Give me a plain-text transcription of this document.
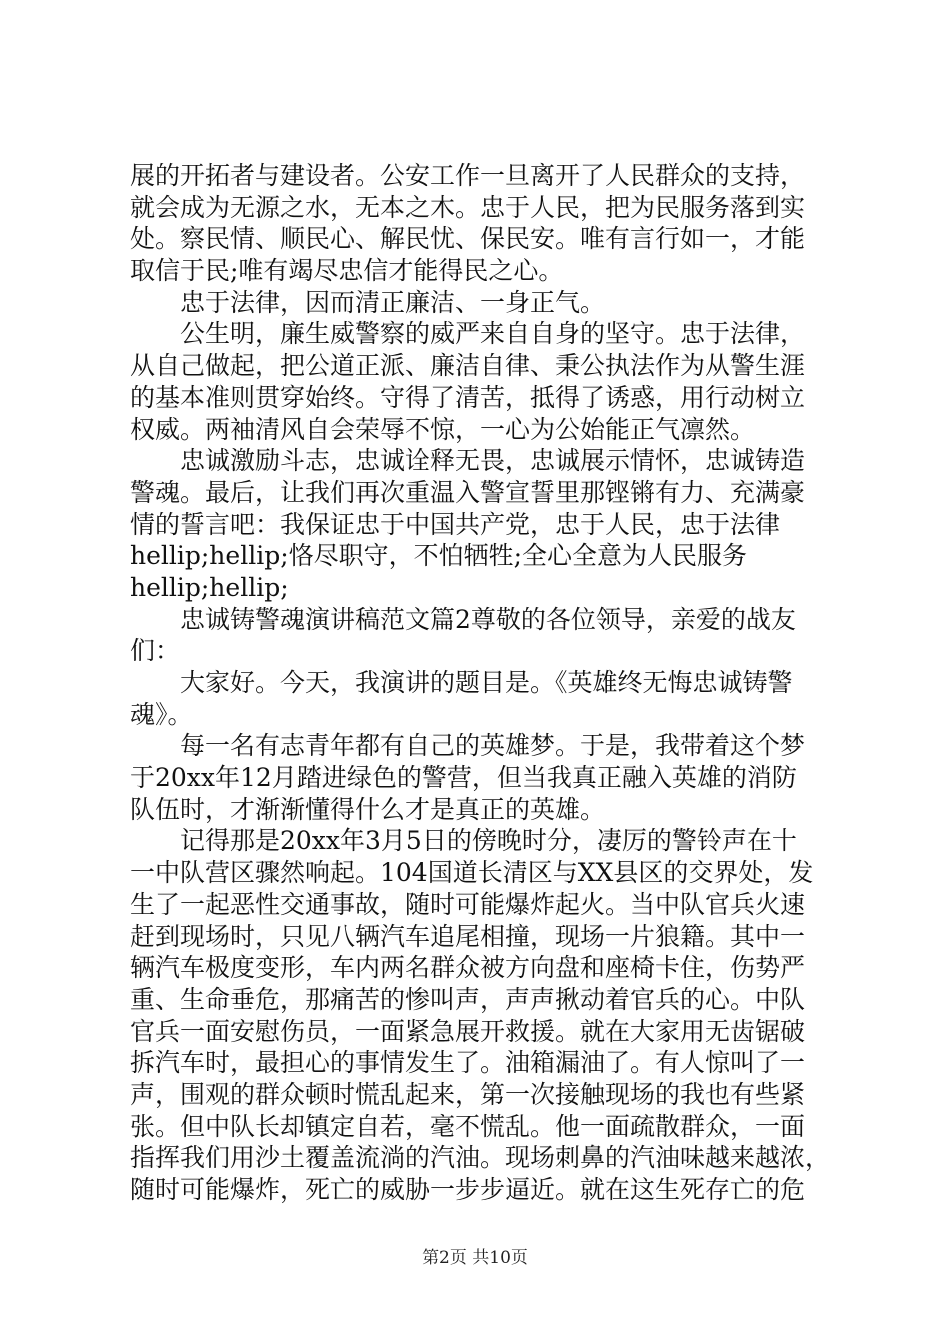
展的开拓者与建设者。公安工作一旦离开了人民群众的支持，
就会成为无源之水，无本之木。忠于人民，把为民服务落到实
处。察民情、顺民心、解民忧、保民安。唯有言行如一，才能
取信于民;唯有竭尽忠信才能得民之心。
忠于法律，因而清正廉洁、一身正气。
公生明，廉生威警察的威严来自自身的坚守。忠于法律，
从自己做起，把公道正派、廉洁自律、秉公执法作为从警生涯
的基本准则贯穿始终。守得了清苦，抵得了诱惑，用行动树立
权威。两袖清风自会荣辱不惊，一心为公始能正气凛然。
忠诚激励斗志，忠诚诠释无畏，忠诚展示情怀，忠诚铸造
警魂。最后，让我们再次重温入警宣誓里那铿锵有力、充满豪
情的誓言吧：我保证忠于中国共产党，忠于人民，忠于法律
hellip;hellip;恪尽职守，不怕牺牲;全心全意为人民服务
hellip;hellip;
忠诚铸警魂演讲稿范文篇2尊敬的各位领导，亲爱的战友
们：
大家好。今天，我演讲的题目是。《英雄终无悔忠诚铸警
魂》。
每一名有志青年都有自己的英雄梦。于是，我带着这个梦
于20xx年12月踏进绿色的警营，但当我真正融入英雄的消防
队伍时，才渐渐懂得什么才是真正的英雄。
记得那是20xx年3月5日的傍晚时分，凄厉的警铃声在十
一中队营区骤然响起。104国道长清区与XX县区的交界处，发
生了一起恶性交通事故，随时可能爆炸起火。当中队官兵火速
赶到现场时，只见八辆汽车追尾相撞，现场一片狼籍。其中一
辆汽车极度变形，车内两名群众被方向盘和座椅卡住，伤势严
重、生命垂危，那痛苦的惨叫声，声声揪动着官兵的心。中队
官兵一面安慰伤员，一面紧急展开救援。就在大家用无齿锯破
拆汽车时，最担心的事情发生了。油箱漏油了。有人惊叫了一
声，围观的群众顿时慌乱起来，第一次接触现场的我也有些紧
张。但中队长却镇定自若，毫不慌乱。他一面疏散群众，一面
指挥我们用沙土覆盖流淌的汽油。现场刺鼻的汽油味越来越浓，
随时可能爆炸，死亡的威胁一步步逼近。就在这生死存亡的危
第2页 共10页
